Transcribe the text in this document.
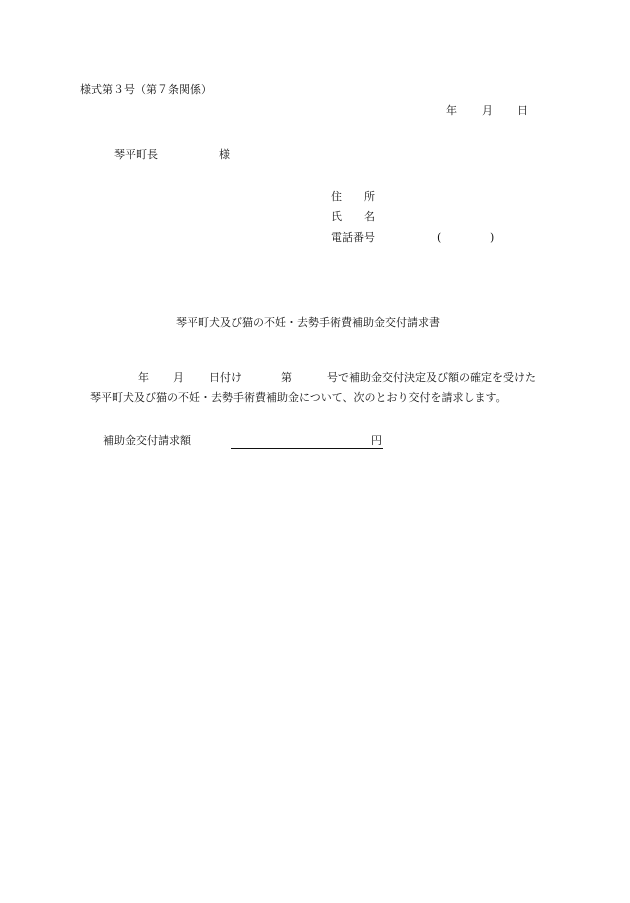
様式第３号（第７条関係）
年 月 日
琴平町長	様
住　　所
氏　　名
電話番号	(	)
琴平町犬及び猫の不妊・去勢手術費補助金交付請求書
年 月 日付け	第	号で補助金交付決定及び額の確定を受けた
琴平町犬及び猫の不妊・去勢手術費補助金について、次のとおり交付を請求します。
補助金交付請求額	円
